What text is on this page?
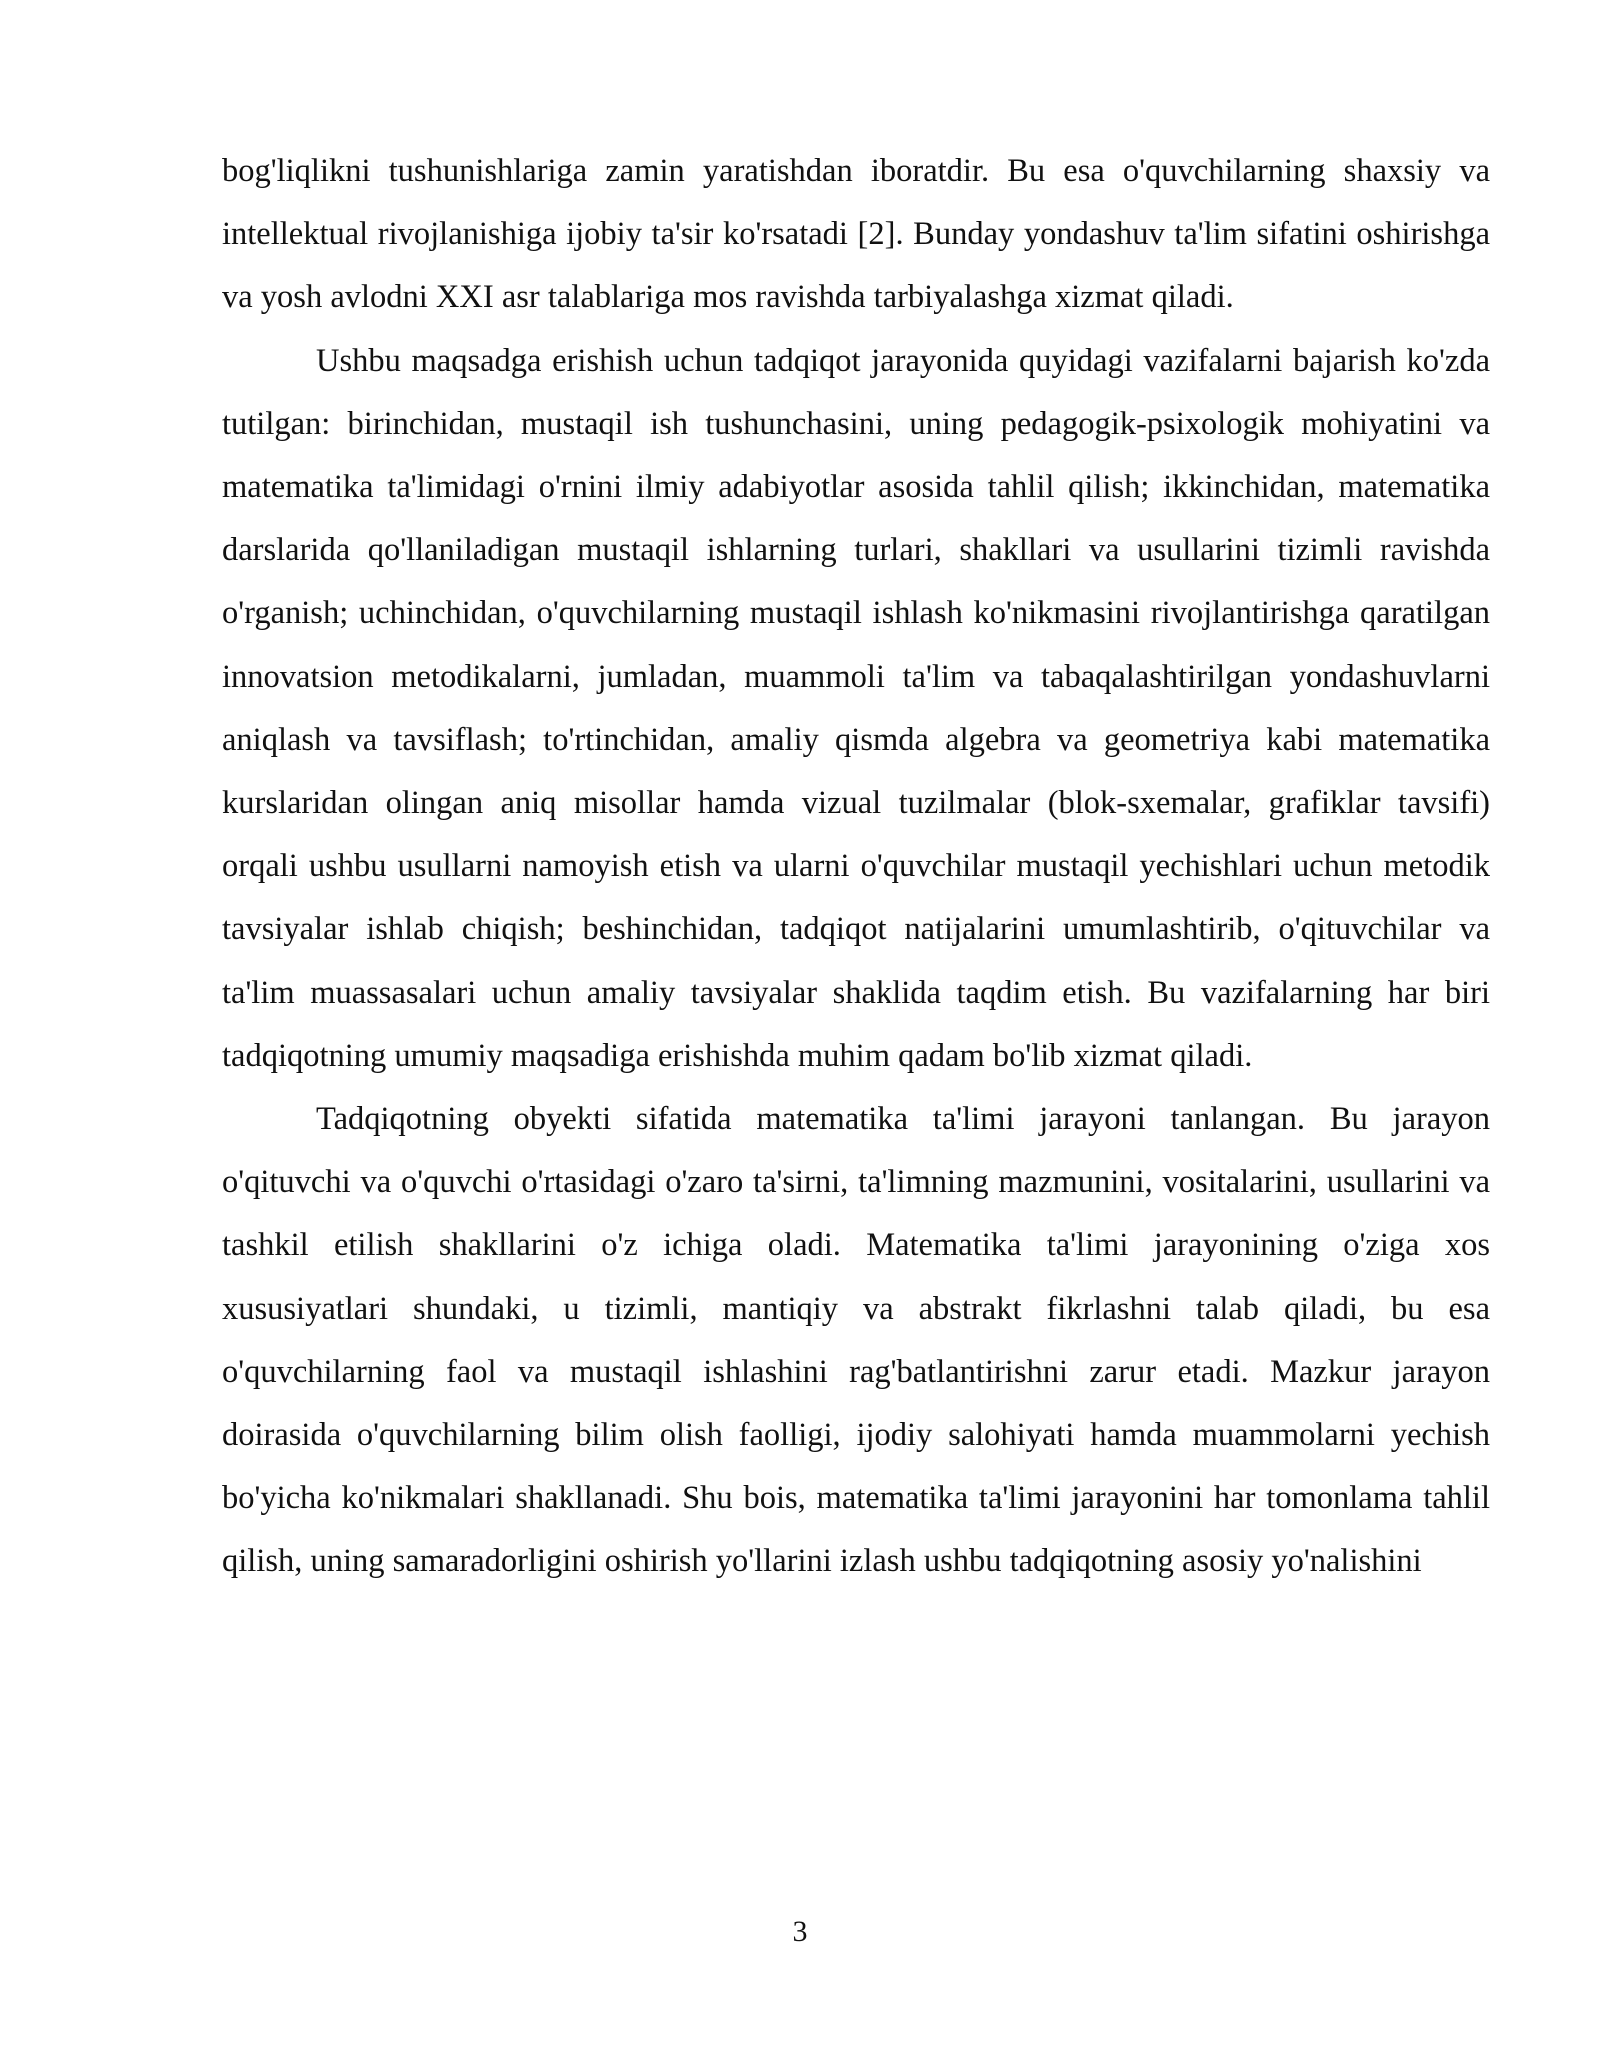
bog'liqlikni tushunishlariga zamin yaratishdan iboratdir. Bu esa o'quvchilarning shaxsiy va intellektual rivojlanishiga ijobiy ta'sir ko'rsatadi [2]. Bunday yondashuv ta'lim sifatini oshirishga va yosh avlodni XXI asr talablariga mos ravishda tarbiyalashga xizmat qiladi.

Ushbu maqsadga erishish uchun tadqiqot jarayonida quyidagi vazifalarni bajarish ko'zda tutilgan: birinchidan, mustaqil ish tushunchasini, uning pedagogik-psixologik mohiyatini va matematika ta'limidagi o'rnini ilmiy adabiyotlar asosida tahlil qilish; ikkinchidan, matematika darslarida qo'llaniladigan mustaqil ishlarning turlari, shakllari va usullarini tizimli ravishda o'rganish; uchinchidan, o'quvchilarning mustaqil ishlash ko'nikmasini rivojlantirishga qaratilgan innovatsion metodikalarni, jumladan, muammoli ta'lim va tabaqalashtirilgan yondashuvlarni aniqlash va tavsiflash; to'rtinchidan, amaliy qismda algebra va geometriya kabi matematika kurslaridan olingan aniq misollar hamda vizual tuzilmalar (blok-sxemalar, grafiklar tavsifi) orqali ushbu usullarni namoyish etish va ularni o'quvchilar mustaqil yechishlari uchun metodik tavsiyalar ishlab chiqish; beshinchidan, tadqiqot natijalarini umumlashtirib, o'qituvchilar va ta'lim muassasalari uchun amaliy tavsiyalar shaklida taqdim etish. Bu vazifalarning har biri tadqiqotning umumiy maqsadiga erishishda muhim qadam bo'lib xizmat qiladi.

Tadqiqotning obyekti sifatida matematika ta'limi jarayoni tanlangan. Bu jarayon o'qituvchi va o'quvchi o'rtasidagi o'zaro ta'sirni, ta'limning mazmunini, vositalarini, usullarini va tashkil etilish shakllarini o'z ichiga oladi. Matematika ta'limi jarayonining o'ziga xos xususiyatlari shundaki, u tizimli, mantiqiy va abstrakt fikrlashni talab qiladi, bu esa o'quvchilarning faol va mustaqil ishlashini rag'batlantirishni zarur etadi. Mazkur jarayon doirasida o'quvchilarning bilim olish faolligi, ijodiy salohiyati hamda muammolarni yechish bo'yicha ko'nikmalari shakllanadi. Shu bois, matematika ta'limi jarayonini har tomonlama tahlil qilish, uning samaradorligini oshirish yo'llarini izlash ushbu tadqiqotning asosiy yo'nalishini

3
